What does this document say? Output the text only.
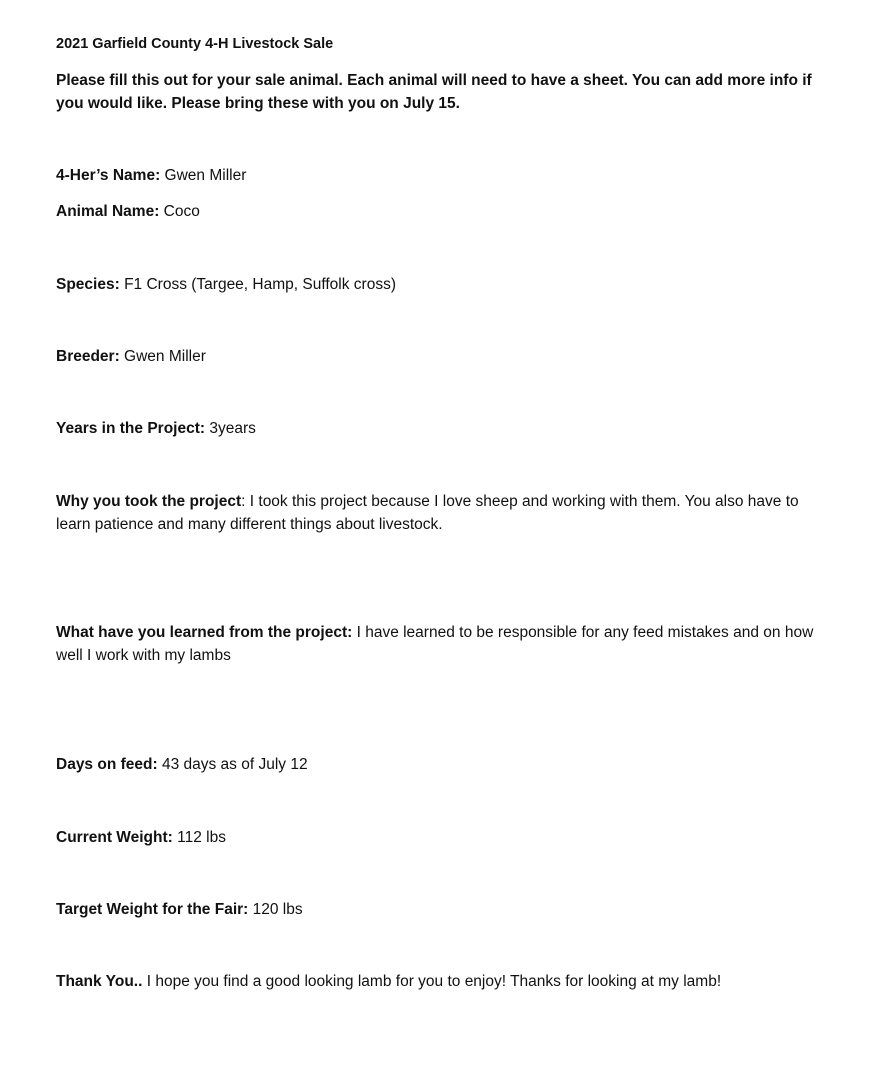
2021 Garfield County 4-H Livestock Sale
Please fill this out for your sale animal. Each animal will need to have a sheet. You can add more info if you would like. Please bring these with you on July 15.
4-Her’s Name: Gwen Miller
Animal Name: Coco
Species: F1 Cross (Targee, Hamp, Suffolk cross)
Breeder: Gwen Miller
Years in the Project: 3years
Why you took the project: I took this project because I love sheep and working with them. You also have to learn patience and many different things about livestock.
What have you learned from the project: I have learned to be responsible for any feed mistakes and on how well I work with my lambs
Days on feed: 43 days as of July 12
Current Weight: 112 lbs
Target Weight for the Fair: 120 lbs
Thank You.. I hope you find a good looking lamb for you to enjoy! Thanks for looking at my lamb!
